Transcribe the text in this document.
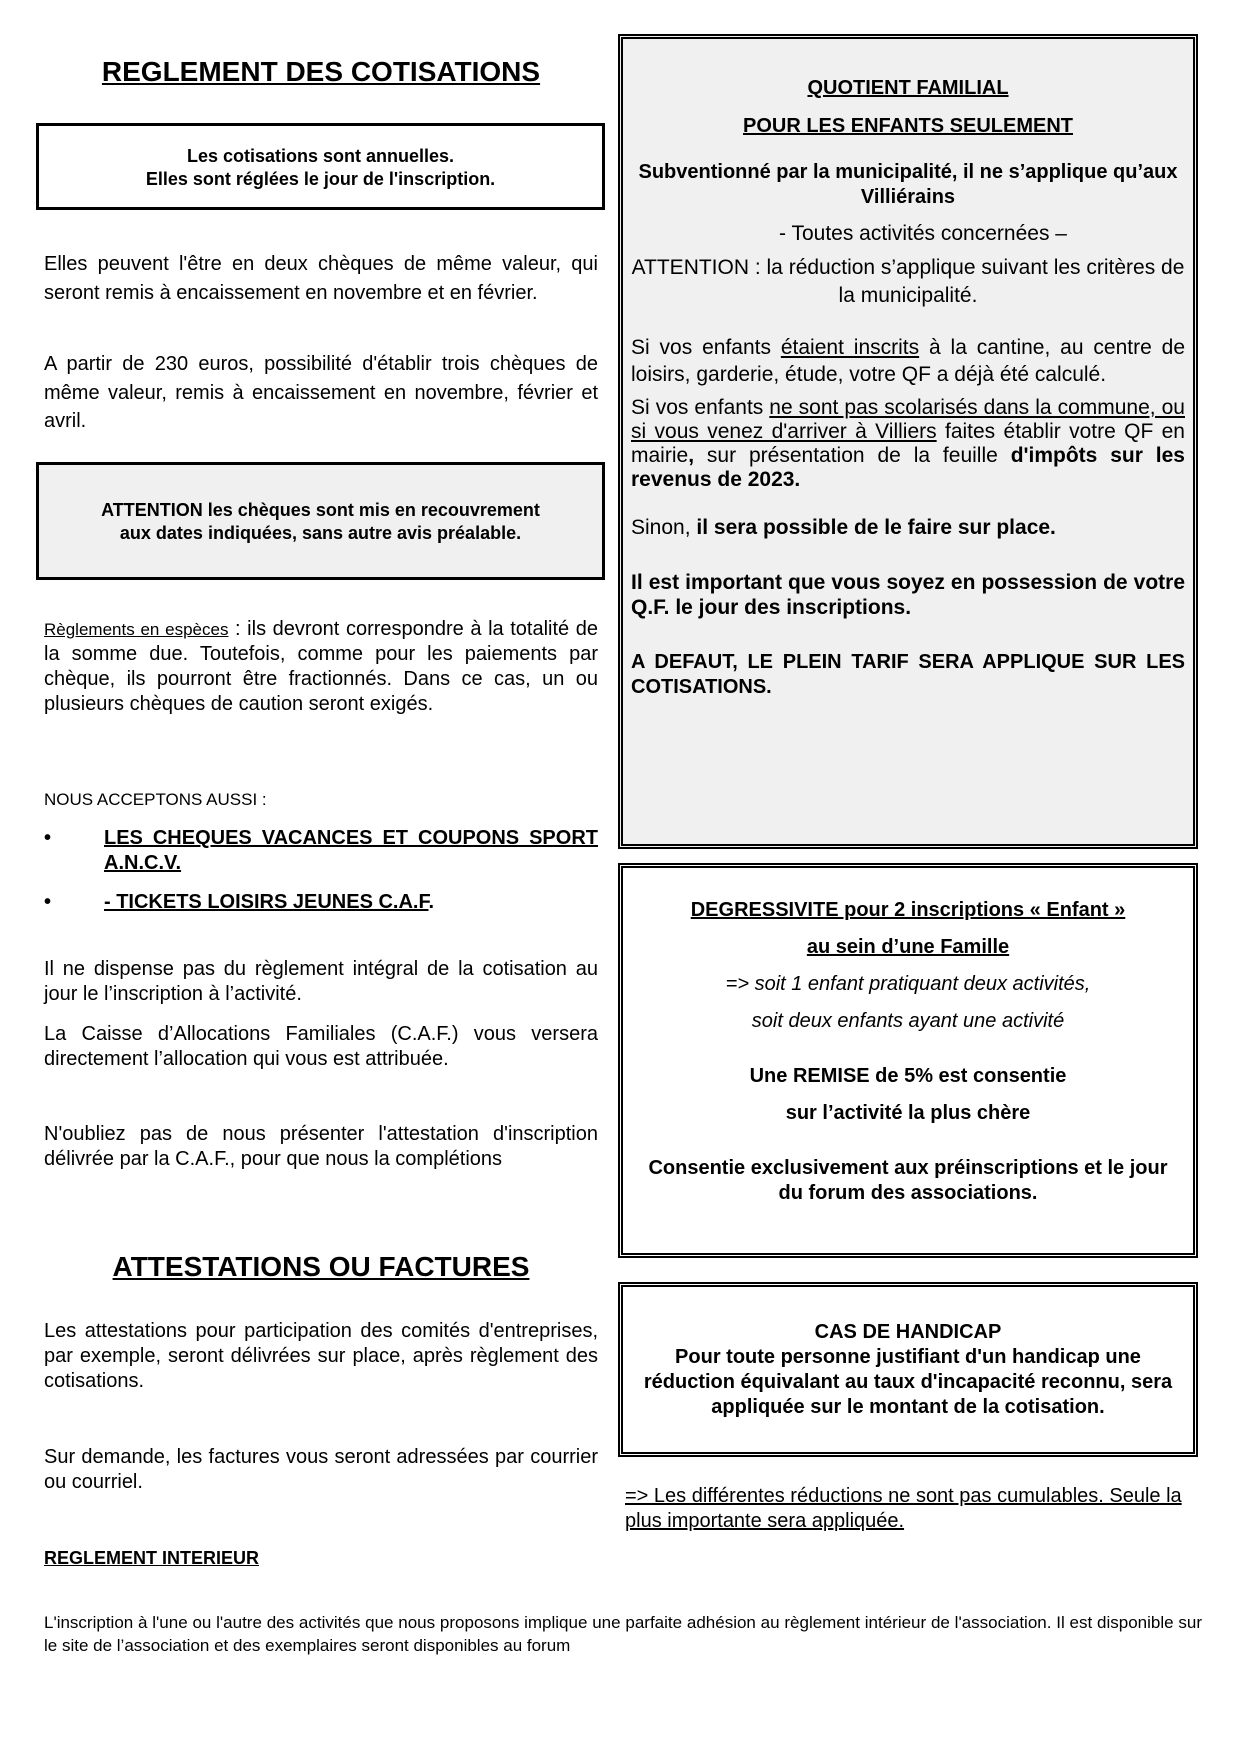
REGLEMENT DES COTISATIONS

Les cotisations sont annuelles.

Elles sont réglées le jour de l'inscription.

Elles peuvent l'être en deux chèques de même valeur, qui seront remis à encaissement en novembre et en février.

A partir de 230 euros, possibilité d'établir trois chèques de même valeur, remis à encaissement en novembre, février et avril.

ATTENTION les chèques sont mis en recouvrement

aux dates indiquées, sans autre avis préalable.

Règlements en espèces : ils devront correspondre à la totalité de la somme due. Toutefois, comme pour les paiements par chèque, ils pourront être fractionnés. Dans ce cas, un ou plusieurs chèques de caution seront exigés.

NOUS ACCEPTONS AUSSI :

•	LES CHEQUES VACANCES ET COUPONS SPORT A.N.C.V.
•	- TICKETS LOISIRS JEUNES C.A.F.

Il ne dispense pas du règlement intégral de la cotisation au jour le l’inscription à l’activité.

La Caisse d’Allocations Familiales (C.A.F.) vous versera directement l’allocation qui vous est attribuée.

N'oubliez pas de nous présenter l'attestation d'inscription délivrée par la C.A.F., pour que nous la complétions

ATTESTATIONS OU FACTURES

Les attestations pour participation des comités d'entreprises, par exemple, seront délivrées sur place, après règlement des cotisations.

Sur demande, les factures vous seront adressées par courrier ou courriel.

REGLEMENT INTERIEUR

L'inscription à l'une ou l'autre des activités que nous proposons implique une parfaite adhésion au règlement intérieur de l'association. Il est disponible sur le site de l’association et des exemplaires seront disponibles au forum

QUOTIENT FAMILIAL

POUR LES ENFANTS SEULEMENT

Subventionné par la municipalité, il ne s’applique qu’aux Villiérains

- Toutes activités concernées –

ATTENTION : la réduction s’applique suivant les critères de la municipalité.

Si vos enfants étaient inscrits à la cantine, au centre de loisirs, garderie, étude, votre QF a déjà été calculé.

Si vos enfants ne sont pas scolarisés dans la commune, ou si vous venez d'arriver à Villiers faites établir votre QF en mairie, sur présentation de la feuille d'impôts sur les revenus de 2023.

Sinon, il sera possible de le faire sur place.

Il est important que vous soyez en possession de votre Q.F. le jour des inscriptions.

A DEFAUT, LE PLEIN TARIF SERA APPLIQUE SUR LES COTISATIONS.

DEGRESSIVITE pour 2 inscriptions « Enfant »

au sein d’une Famille

=> soit 1 enfant pratiquant deux activités,

soit deux enfants ayant une activité

Une REMISE de 5% est consentie

sur l’activité la plus chère

Consentie exclusivement aux préinscriptions et le jour du forum des associations.

CAS DE HANDICAP

Pour toute personne justifiant d'un handicap une réduction équivalant au taux d'incapacité reconnu, sera appliquée sur le montant de la cotisation.

=> Les différentes réductions ne sont pas cumulables. Seule la plus importante sera appliquée.
